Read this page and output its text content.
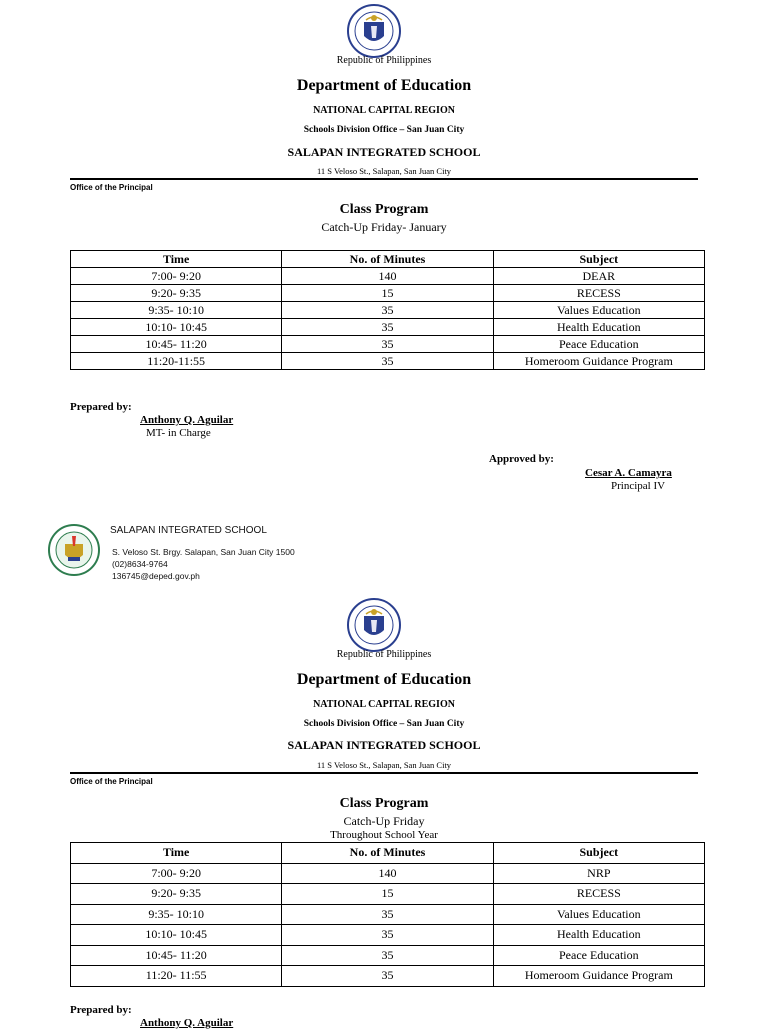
Republic of Philippines
Department of Education
NATIONAL CAPITAL REGION
Schools Division Office – San Juan City
SALAPAN INTEGRATED SCHOOL
11 S Veloso St., Salapan, San Juan City
Office of the Principal
Class Program
Catch-Up Friday- January
Time	No. of Minutes	Subject
7:00- 9:20	140	DEAR
9:20- 9:35	15	RECESS
9:35- 10:10	35	Values Education
10:10- 10:45	35	Health Education
10:45- 11:20	35	Peace Education
11:20-11:55	35	Homeroom Guidance Program
Prepared by:
Anthony Q. Aguilar
MT- in Charge
Approved by:
Cesar A. Camayra
Principal IV
SALAPAN INTEGRATED SCHOOL
S. Veloso St. Brgy. Salapan, San Juan City 1500
(02)8634-9764
136745@deped.gov.ph
Republic of Philippines
Department of Education
NATIONAL CAPITAL REGION
Schools Division Office – San Juan City
SALAPAN INTEGRATED SCHOOL
11 S Veloso St., Salapan, San Juan City
Office of the Principal
Class Program
Catch-Up Friday
Throughout School Year
Time	No. of Minutes	Subject
7:00- 9:20	140	NRP
9:20- 9:35	15	RECESS
9:35- 10:10	35	Values Education
10:10- 10:45	35	Health Education
10:45- 11:20	35	Peace Education
11:20- 11:55	35	Homeroom Guidance Program
Prepared by:
Anthony Q. Aguilar
